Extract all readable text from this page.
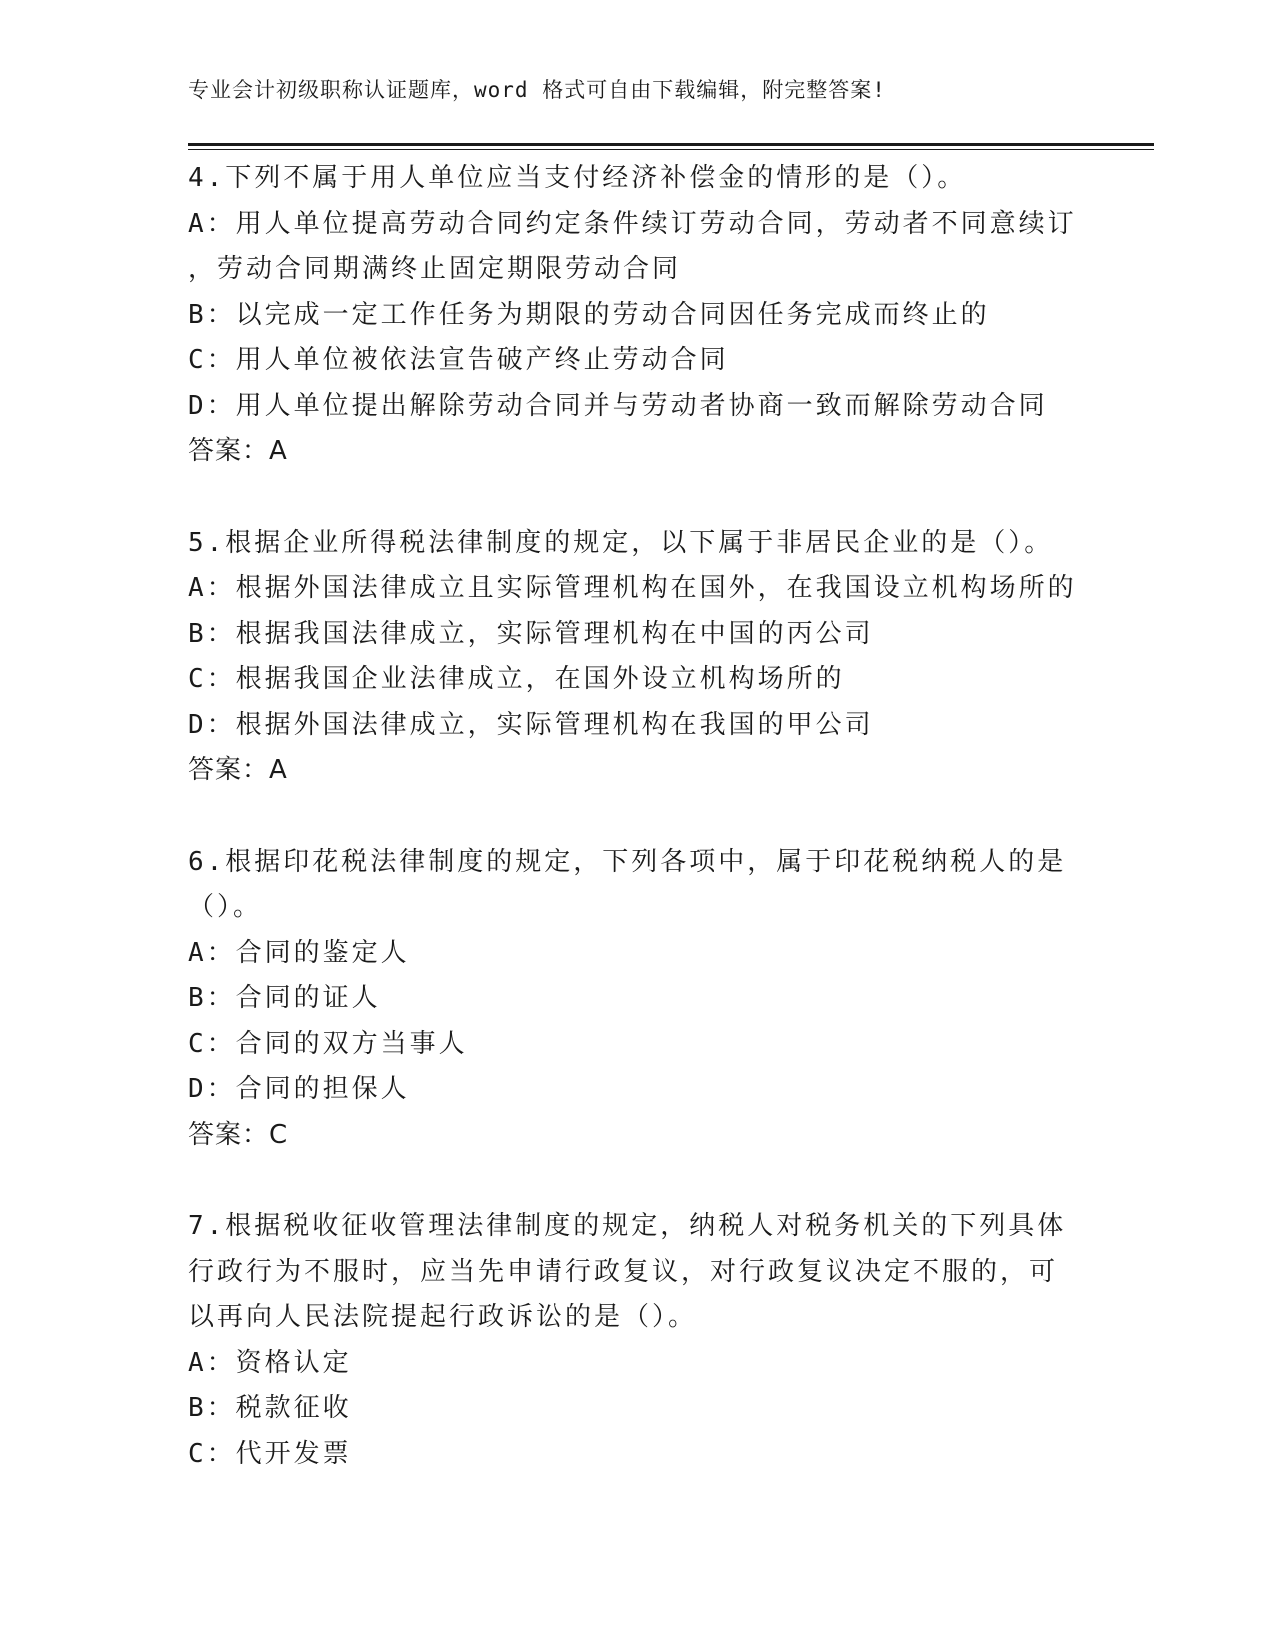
专业会计初级职称认证题库，word 格式可自由下载编辑，附完整答案!
4.下列不属于用人单位应当支付经济补偿金的情形的是（）。
A：用人单位提高劳动合同约定条件续订劳动合同，劳动者不同意续订
，劳动合同期满终止固定期限劳动合同
B：以完成一定工作任务为期限的劳动合同因任务完成而终止的
C：用人单位被依法宣告破产终止劳动合同
D：用人单位提出解除劳动合同并与劳动者协商一致而解除劳动合同
答案：A
5.根据企业所得税法律制度的规定，以下属于非居民企业的是（）。
A：根据外国法律成立且实际管理机构在国外，在我国设立机构场所的
B：根据我国法律成立，实际管理机构在中国的丙公司
C：根据我国企业法律成立，在国外设立机构场所的
D：根据外国法律成立，实际管理机构在我国的甲公司
答案：A
6.根据印花税法律制度的规定，下列各项中，属于印花税纳税人的是
（）。
A：合同的鉴定人
B：合同的证人
C：合同的双方当事人
D：合同的担保人
答案：C
7.根据税收征收管理法律制度的规定，纳税人对税务机关的下列具体
行政行为不服时，应当先申请行政复议，对行政复议决定不服的，可
以再向人民法院提起行政诉讼的是（）。
A：资格认定
B：税款征收
C：代开发票
